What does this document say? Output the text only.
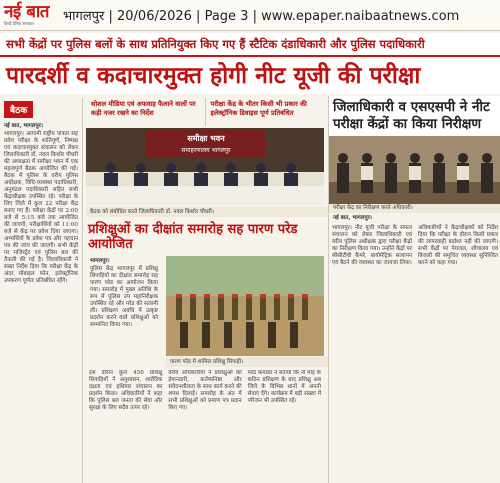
नई बात
हिन्दी दैनिक समाचार	भागलपुर | 20/06/2026 | Page 3 | www.epaper.naibaatnews.com
सभी केंद्रों पर पुलिस बलों के साथ प्रतिनियुक्त किए गए हैं स्टैटिक दंडाधिकारी और पुलिस पदाधिकारी
पारदर्शी व कदाचारमुक्त होगी नीट यूजी की परीक्षा
बैठक
नई बात, भागलपुर।
भागलपुर। आगामी राष्ट्रीय पात्रता सह प्रवेश परीक्षा के शांतिपूर्ण, निष्पक्ष एवं कदाचारमुक्त संचालन को लेकर जिलाधिकारी डॉ. नवल किशोर चौधरी की अध्यक्षता में समीक्षा भवन में एक महत्वपूर्ण बैठक आयोजित की गई। बैठक में पुलिस के वरीय पुलिस अधीक्षक, विधि-व्यवस्था पदाधिकारी, अनुमंडल पदाधिकारी सहित सभी केंद्राधीक्षक उपस्थित रहे। परीक्षा के लिए जिले में कुल 22 परीक्षा केंद्र बनाए गए हैं। परीक्षा केंद्रों पर 2:00 बजे से 5:15 बजे तक आयोजित की जाएगी, परीक्षार्थियों को 11:00 बजे से केंद्र पर प्रवेश दिया जाएगा। अभ्यर्थियों के प्रवेश पत्र और पहचान पत्र की जांच की जाएगी। सभी केंद्रों पर मजिस्ट्रेट एवं पुलिस बल की तैनाती की गई है। जिलाधिकारी ने सख्त निर्देश दिया कि परीक्षा केंद्र के अंदर मोबाइल फोन, इलेक्ट्रॉनिक उपकरण पूर्णतः प्रतिबंधित रहेंगे।
सोशल मीडिया एवं अफवाह फैलाने वालों पर कड़ी नजर रखने का निर्देश
परीक्षा केंद्र के भीतर किसी भी प्रकार की इलेक्ट्रॉनिक डिवाइस पूर्ण प्रतिबंधित
समीक्षा भवन
समाहरणालय भागलपुर
बैठक को संबोधित करते जिलाधिकारी डॉ. नवल किशोर चौधरी।
प्रशिक्षुओं का दीक्षांत समारोह सह पारण परेड आयोजित
भागलपुर।
पुलिस केंद्र भागलपुर में प्रशिक्षु सिपाहियों का दीक्षांत समारोह सह पारण परेड का आयोजन किया गया। समारोह में मुख्य अतिथि के रूप में पुलिस उप महानिरीक्षक उपस्थित रहे और परेड की सलामी ली। प्रशिक्षण अवधि में उत्कृष्ट प्रदर्शन करने वाले प्रशिक्षुओं को सम्मानित किया गया।
पारण परेड में शामिल प्रशिक्षु सिपाही।
इस दौरान कुल 450 प्रशिक्षु सिपाहियों ने अनुशासन, शारीरिक दक्षता एवं हथियार संचालन का प्रदर्शन किया। अधिकारियों ने कहा कि पुलिस बल जनता की सेवा और सुरक्षा के लिए सदैव तत्पर रहे।
वरीय अधिकारियों ने प्रशिक्षुओं को ईमानदारी, कर्तव्यनिष्ठा और संवेदनशीलता के साथ कार्य करने की शपथ दिलाई। समारोह के अंत में सभी प्रशिक्षुओं को प्रमाण पत्र प्रदान किए गए।
परेड कमांडर ने बताया कि नौ माह के कठिन प्रशिक्षण के बाद प्रशिक्षु अब जिले के विभिन्न थानों में अपनी सेवाएं देंगे। कार्यक्रम में बड़ी संख्या में परिजन भी उपस्थित रहे।
जिलाधिकारी व एसएसपी ने नीट परीक्षा केंद्रों का किया निरीक्षण
परीक्षा केंद्र का निरीक्षण करते अधिकारी।
नई बात, भागलपुर।
भागलपुर। नीट यूजी परीक्षा के सफल संचालन को लेकर जिलाधिकारी एवं वरीय पुलिस अधीक्षक द्वारा परीक्षा केंद्रों का निरीक्षण किया गया। उन्होंने केंद्रों पर सीसीटीवी कैमरे, बायोमेट्रिक सत्यापन एवं बैठने की व्यवस्था का जायजा लिया।
अधिकारियों ने केंद्राधीक्षकों को निर्देश दिया कि परीक्षा के दौरान किसी प्रकार की लापरवाही बर्दाश्त नहीं की जाएगी। सभी केंद्रों पर पेयजल, शौचालय एवं बिजली की समुचित व्यवस्था सुनिश्चित करने को कहा गया।
